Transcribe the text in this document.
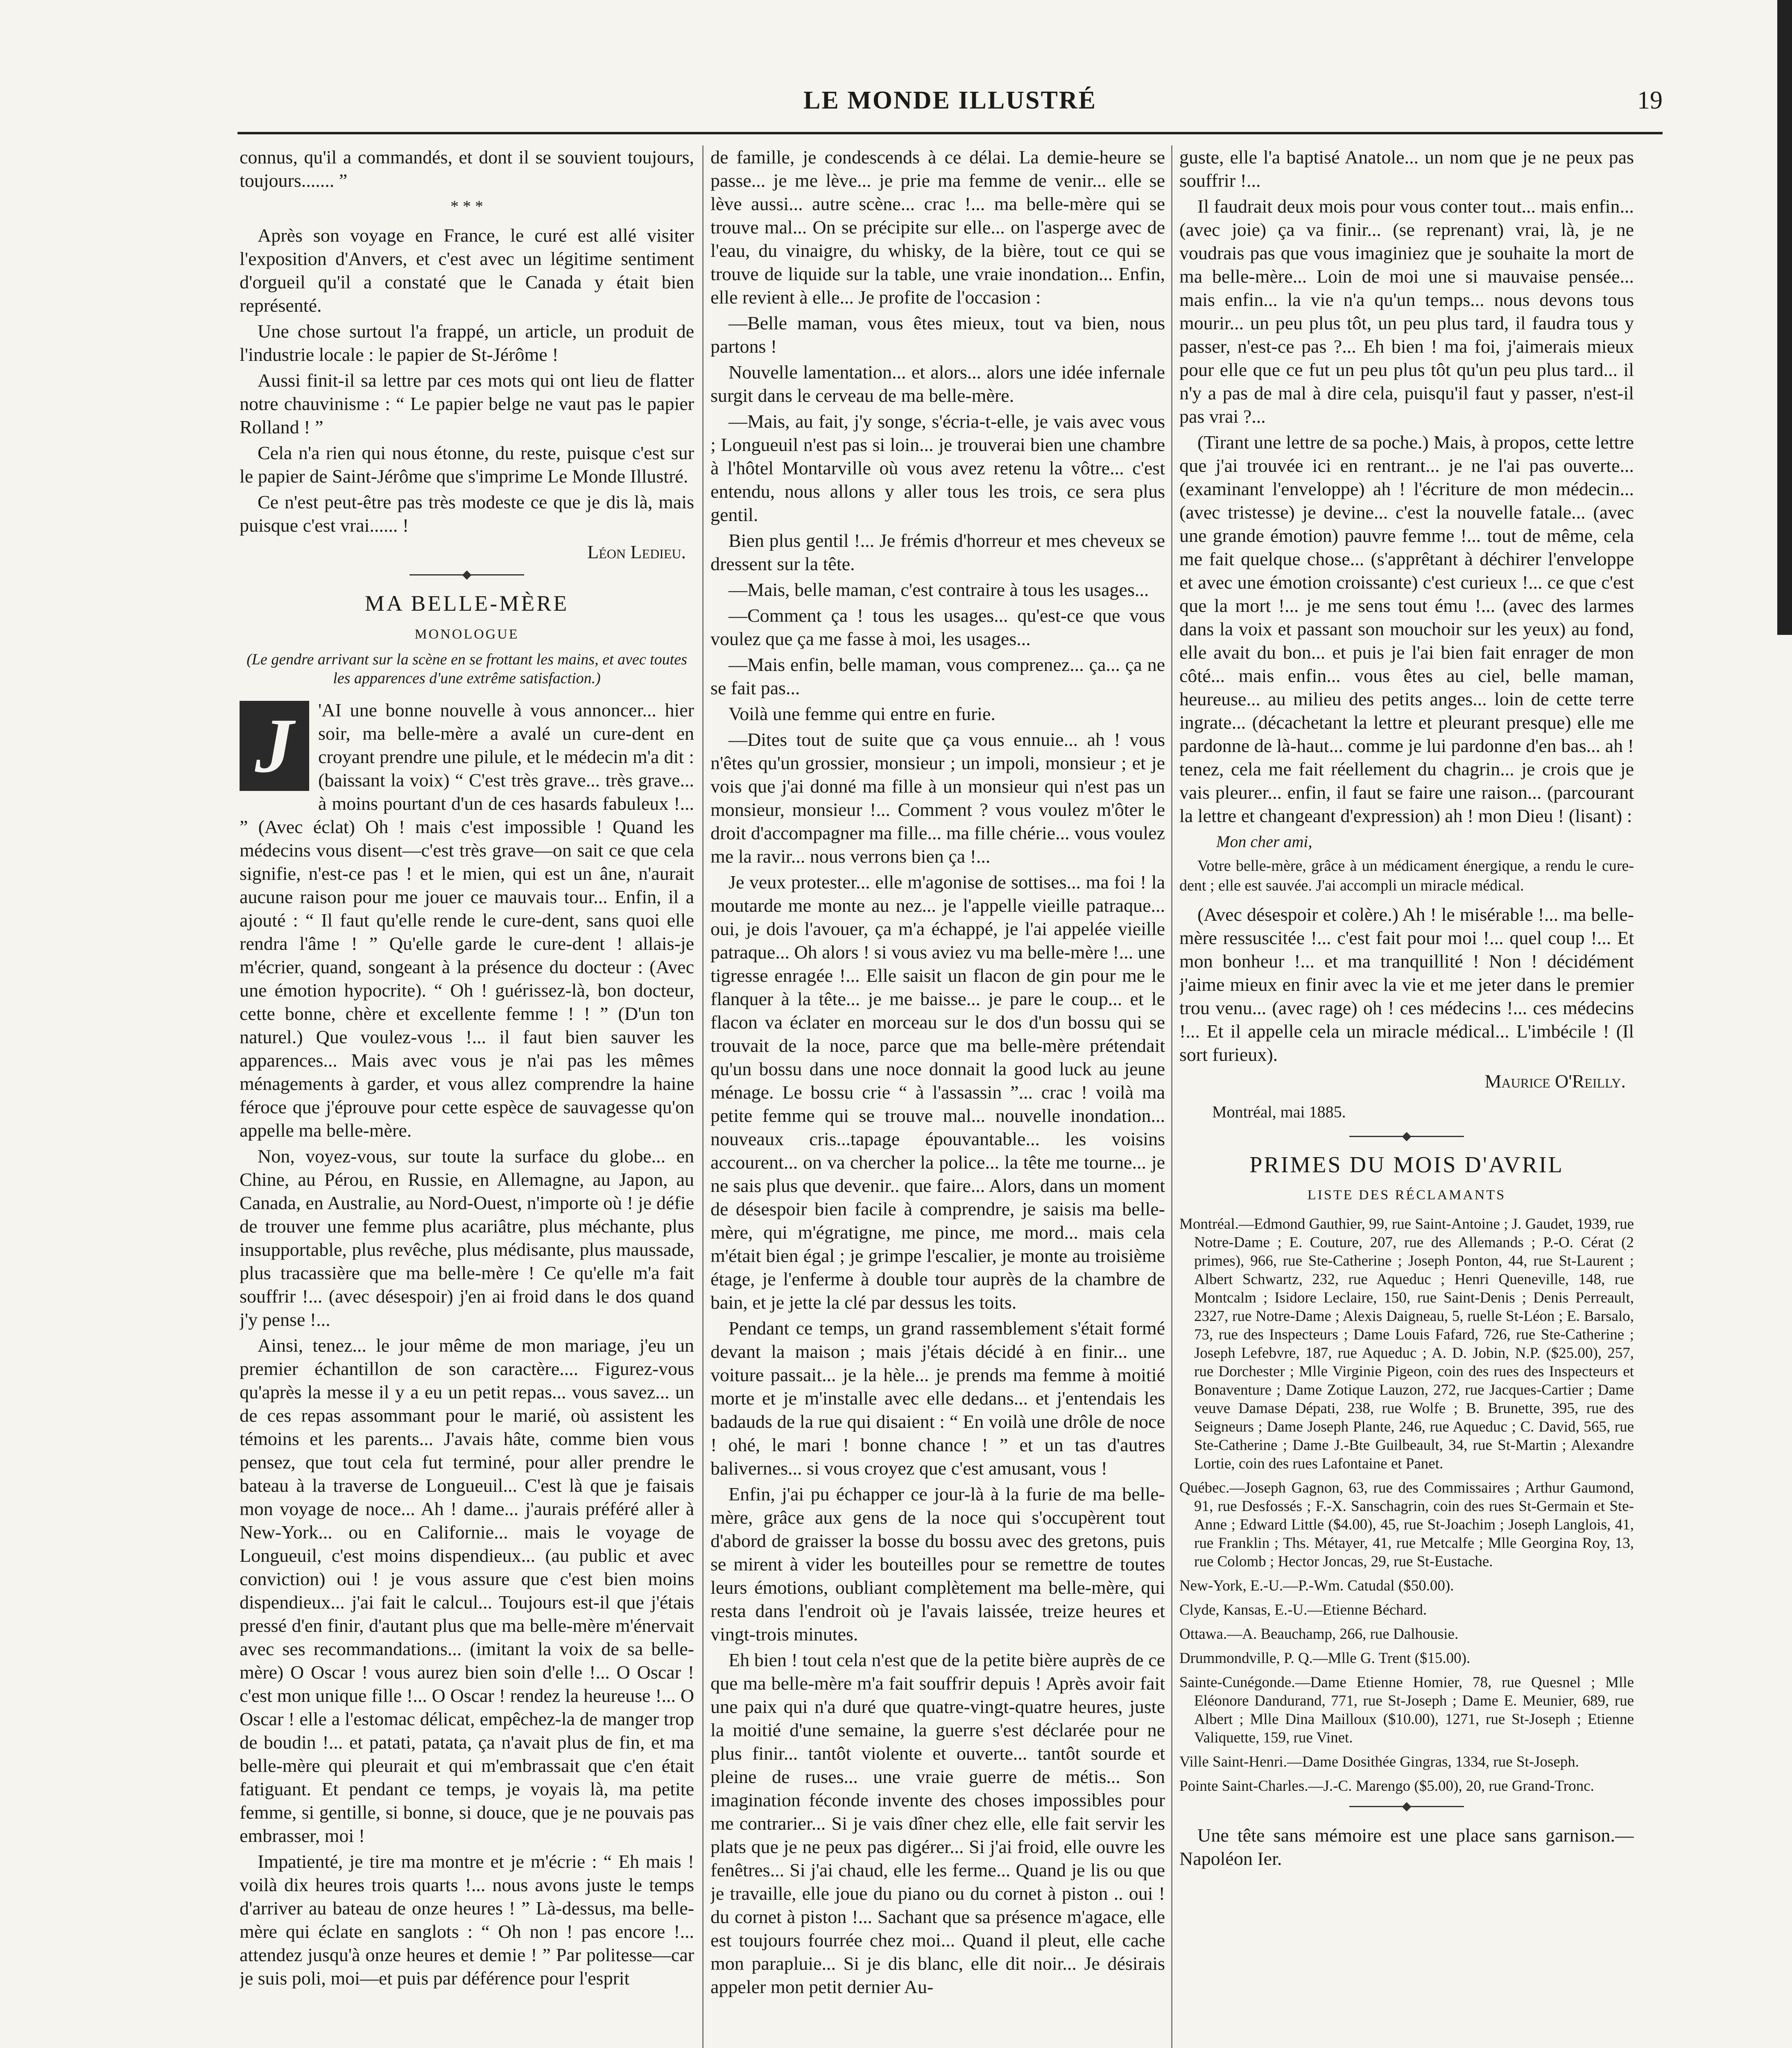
LE MONDE ILLUSTRÉ	19

connus, qu'il a commandés, et dont il se souvient toujours, toujours....... ”

* * *

Après son voyage en France, le curé est allé visiter l'exposition d'Anvers, et c'est avec un légitime sentiment d'orgueil qu'il a constaté que le Canada y était bien représenté.

Une chose surtout l'a frappé, un article, un produit de l'industrie locale : le papier de St-Jérôme !

Aussi finit-il sa lettre par ces mots qui ont lieu de flatter notre chauvinisme : “ Le papier belge ne vaut pas le papier Rolland ! ”

Cela n'a rien qui nous étonne, du reste, puisque c'est sur le papier de Saint-Jérôme que s'imprime Le Monde Illustré.

Ce n'est peut-être pas très modeste ce que je dis là, mais puisque c'est vrai...... !

Léon Ledieu.
MA BELLE-MÈRE
MONOLOGUE
(Le gendre arrivant sur la scène en se frottant les mains, et avec toutes les apparences d'une extrême satisfaction.)
J	'AI une bonne nouvelle à vous annoncer... hier soir, ma belle-mère a avalé un cure-dent en croyant prendre une pilule, et le médecin m'a dit : (baissant la voix) “ C'est très grave... très grave... à moins pourtant d'un de ces hasards fabuleux !... ” (Avec éclat) Oh ! mais c'est impossible ! Quand les médecins vous disent—c'est très grave—on sait ce que cela signifie, n'est-ce pas ! et le mien, qui est un âne, n'aurait aucune raison pour me jouer ce mauvais tour... Enfin, il a ajouté : “ Il faut qu'elle rende le cure-dent, sans quoi elle rendra l'âme ! ” Qu'elle garde le cure-dent ! allais-je m'écrier, quand, songeant à la présence du docteur : (Avec une émotion hypocrite). “ Oh ! guérissez-là, bon docteur, cette bonne, chère et excellente femme ! ! ” (D'un ton naturel.) Que voulez-vous !... il faut bien sauver les apparences... Mais avec vous je n'ai pas les mêmes ménagements à garder, et vous allez comprendre la haine féroce que j'éprouve pour cette espèce de sauvagesse qu'on appelle ma belle-mère.

Non, voyez-vous, sur toute la surface du globe... en Chine, au Pérou, en Russie, en Allemagne, au Japon, au Canada, en Australie, au Nord-Ouest, n'importe où ! je défie de trouver une femme plus acariâtre, plus méchante, plus insupportable, plus revêche, plus médisante, plus maussade, plus tracassière que ma belle-mère ! Ce qu'elle m'a fait souffrir !... (avec désespoir) j'en ai froid dans le dos quand j'y pense !...

Ainsi, tenez... le jour même de mon mariage, j'eu un premier échantillon de son caractère.... Figurez-vous qu'après la messe il y a eu un petit repas... vous savez... un de ces repas assommant pour le marié, où assistent les témoins et les parents... J'avais hâte, comme bien vous pensez, que tout cela fut terminé, pour aller prendre le bateau à la traverse de Longueuil... C'est là que je faisais mon voyage de noce... Ah ! dame... j'aurais préféré aller à New-York... ou en Californie... mais le voyage de Longueuil, c'est moins dispendieux... (au public et avec conviction) oui ! je vous assure que c'est bien moins dispendieux... j'ai fait le calcul... Toujours est-il que j'étais pressé d'en finir, d'autant plus que ma belle-mère m'énervait avec ses recommandations... (imitant la voix de sa belle-mère) O Oscar ! vous aurez bien soin d'elle !... O Oscar ! c'est mon unique fille !... O Oscar ! rendez la heureuse !... O Oscar ! elle a l'estomac délicat, empêchez-la de manger trop de boudin !... et patati, patata, ça n'avait plus de fin, et ma belle-mère qui pleurait et qui m'embrassait que c'en était fatiguant. Et pendant ce temps, je voyais là, ma petite femme, si gentille, si bonne, si douce, que je ne pouvais pas embrasser, moi !

Impatienté, je tire ma montre et je m'écrie : “ Eh mais ! voilà dix heures trois quarts !... nous avons juste le temps d'arriver au bateau de onze heures ! ” Là-dessus, ma belle-mère qui éclate en sanglots : “ Oh non ! pas encore !... attendez jusqu'à onze heures et demie ! ” Par politesse—car je suis poli, moi—et puis par déférence pour l'esprit

de famille, je condescends à ce délai. La demie-heure se passe... je me lève... je prie ma femme de venir... elle se lève aussi... autre scène... crac !... ma belle-mère qui se trouve mal... On se précipite sur elle... on l'asperge avec de l'eau, du vinaigre, du whisky, de la bière, tout ce qui se trouve de liquide sur la table, une vraie inondation... Enfin, elle revient à elle... Je profite de l'occasion :

—Belle maman, vous êtes mieux, tout va bien, nous partons !

Nouvelle lamentation... et alors... alors une idée infernale surgit dans le cerveau de ma belle-mère.

—Mais, au fait, j'y songe, s'écria-t-elle, je vais avec vous ; Longueuil n'est pas si loin... je trouverai bien une chambre à l'hôtel Montarville où vous avez retenu la vôtre... c'est entendu, nous allons y aller tous les trois, ce sera plus gentil.

Bien plus gentil !... Je frémis d'horreur et mes cheveux se dressent sur la tête.

—Mais, belle maman, c'est contraire à tous les usages...

—Comment ça ! tous les usages... qu'est-ce que vous voulez que ça me fasse à moi, les usages...

—Mais enfin, belle maman, vous comprenez... ça... ça ne se fait pas...

Voilà une femme qui entre en furie.

—Dites tout de suite que ça vous ennuie... ah ! vous n'êtes qu'un grossier, monsieur ; un impoli, monsieur ; et je vois que j'ai donné ma fille à un monsieur qui n'est pas un monsieur, monsieur !... Comment ? vous voulez m'ôter le droit d'accompagner ma fille... ma fille chérie... vous voulez me la ravir... nous verrons bien ça !...

Je veux protester... elle m'agonise de sottises... ma foi ! la moutarde me monte au nez... je l'appelle vieille patraque... oui, je dois l'avouer, ça m'a échappé, je l'ai appelée vieille patraque... Oh alors ! si vous aviez vu ma belle-mère !... une tigresse enragée !... Elle saisit un flacon de gin pour me le flanquer à la tête... je me baisse... je pare le coup... et le flacon va éclater en morceau sur le dos d'un bossu qui se trouvait de la noce, parce que ma belle-mère prétendait qu'un bossu dans une noce donnait la good luck au jeune ménage. Le bossu crie “ à l'assassin ”... crac ! voilà ma petite femme qui se trouve mal... nouvelle inondation... nouveaux cris...tapage épouvantable... les voisins accourent... on va chercher la police... la tête me tourne... je ne sais plus que devenir.. que faire... Alors, dans un moment de désespoir bien facile à comprendre, je saisis ma belle-mère, qui m'égratigne, me pince, me mord... mais cela m'était bien égal ; je grimpe l'escalier, je monte au troisième étage, je l'enferme à double tour auprès de la chambre de bain, et je jette la clé par dessus les toits.

Pendant ce temps, un grand rassemblement s'était formé devant la maison ; mais j'étais décidé à en finir... une voiture passait... je la hèle... je prends ma femme à moitié morte et je m'installe avec elle dedans... et j'entendais les badauds de la rue qui disaient : “ En voilà une drôle de noce ! ohé, le mari ! bonne chance ! ” et un tas d'autres balivernes... si vous croyez que c'est amusant, vous !

Enfin, j'ai pu échapper ce jour-là à la furie de ma belle-mère, grâce aux gens de la noce qui s'occupèrent tout d'abord de graisser la bosse du bossu avec des gretons, puis se mirent à vider les bouteilles pour se remettre de toutes leurs émotions, oubliant complètement ma belle-mère, qui resta dans l'endroit où je l'avais laissée, treize heures et vingt-trois minutes.

Eh bien ! tout cela n'est que de la petite bière auprès de ce que ma belle-mère m'a fait souffrir depuis ! Après avoir fait une paix qui n'a duré que quatre-vingt-quatre heures, juste la moitié d'une semaine, la guerre s'est déclarée pour ne plus finir... tantôt violente et ouverte... tantôt sourde et pleine de ruses... une vraie guerre de métis... Son imagination féconde invente des choses impossibles pour me contrarier... Si je vais dîner chez elle, elle fait servir les plats que je ne peux pas digérer... Si j'ai froid, elle ouvre les fenêtres... Si j'ai chaud, elle les ferme... Quand je lis ou que je travaille, elle joue du piano ou du cornet à piston .. oui ! du cornet à piston !... Sachant que sa présence m'agace, elle est toujours fourrée chez moi... Quand il pleut, elle cache mon parapluie... Si je dis blanc, elle dit noir... Je désirais appeler mon petit dernier Au-

guste, elle l'a baptisé Anatole... un nom que je ne peux pas souffrir !...

Il faudrait deux mois pour vous conter tout... mais enfin... (avec joie) ça va finir... (se reprenant) vrai, là, je ne voudrais pas que vous imaginiez que je souhaite la mort de ma belle-mère... Loin de moi une si mauvaise pensée... mais enfin... la vie n'a qu'un temps... nous devons tous mourir... un peu plus tôt, un peu plus tard, il faudra tous y passer, n'est-ce pas ?... Eh bien ! ma foi, j'aimerais mieux pour elle que ce fut un peu plus tôt qu'un peu plus tard... il n'y a pas de mal à dire cela, puisqu'il faut y passer, n'est-il pas vrai ?...

(Tirant une lettre de sa poche.) Mais, à propos, cette lettre que j'ai trouvée ici en rentrant... je ne l'ai pas ouverte... (examinant l'enveloppe) ah ! l'écriture de mon médecin... (avec tristesse) je devine... c'est la nouvelle fatale... (avec une grande émotion) pauvre femme !... tout de même, cela me fait quelque chose... (s'apprêtant à déchirer l'enveloppe et avec une émotion croissante) c'est curieux !... ce que c'est que la mort !... je me sens tout ému !... (avec des larmes dans la voix et passant son mouchoir sur les yeux) au fond, elle avait du bon... et puis je l'ai bien fait enrager de mon côté... mais enfin... vous êtes au ciel, belle maman, heureuse... au milieu des petits anges... loin de cette terre ingrate... (décachetant la lettre et pleurant presque) elle me pardonne de là-haut... comme je lui pardonne d'en bas... ah ! tenez, cela me fait réellement du chagrin... je crois que je vais pleurer... enfin, il faut se faire une raison... (parcourant la lettre et changeant d'expression) ah ! mon Dieu ! (lisant) :

Mon cher ami,
Votre belle-mère, grâce à un médicament énergique, a rendu le cure-dent ; elle est sauvée. J'ai accompli un miracle médical.

(Avec désespoir et colère.) Ah ! le misérable !... ma belle-mère ressuscitée !... c'est fait pour moi !... quel coup !... Et mon bonheur !... et ma tranquillité ! Non ! décidément j'aime mieux en finir avec la vie et me jeter dans le premier trou venu... (avec rage) oh ! ces médecins !... ces médecins !... Et il appelle cela un miracle médical... L'imbécile ! (Il sort furieux).

Maurice O'Reilly.
Montréal, mai 1885.
PRIMES DU MOIS D'AVRIL
LISTE DES RÉCLAMANTS
Montréal.—Edmond Gauthier, 99, rue Saint-Antoine ; J. Gaudet, 1939, rue Notre-Dame ; E. Couture, 207, rue des Allemands ; P.-O. Cérat (2 primes), 966, rue Ste-Catherine ; Joseph Ponton, 44, rue St-Laurent ; Albert Schwartz, 232, rue Aqueduc ; Henri Queneville, 148, rue Montcalm ; Isidore Leclaire, 150, rue Saint-Denis ; Denis Perreault, 2327, rue Notre-Dame ; Alexis Daigneau, 5, ruelle St-Léon ; E. Barsalo, 73, rue des Inspecteurs ; Dame Louis Fafard, 726, rue Ste-Catherine ; Joseph Lefebvre, 187, rue Aqueduc ; A. D. Jobin, N.P. ($25.00), 257, rue Dorchester ; Mlle Virginie Pigeon, coin des rues des Inspecteurs et Bonaventure ; Dame Zotique Lauzon, 272, rue Jacques-Cartier ; Dame veuve Damase Dépati, 238, rue Wolfe ; B. Brunette, 395, rue des Seigneurs ; Dame Joseph Plante, 246, rue Aqueduc ; C. David, 565, rue Ste-Catherine ; Dame J.-Bte Guilbeault, 34, rue St-Martin ; Alexandre Lortie, coin des rues Lafontaine et Panet.
Québec.—Joseph Gagnon, 63, rue des Commissaires ; Arthur Gaumond, 91, rue Desfossés ; F.-X. Sanschagrin, coin des rues St-Germain et Ste-Anne ; Edward Little ($4.00), 45, rue St-Joachim ; Joseph Langlois, 41, rue Franklin ; Ths. Métayer, 41, rue Metcalfe ; Mlle Georgina Roy, 13, rue Colomb ; Hector Joncas, 29, rue St-Eustache.
New-York, E.-U.—P.-Wm. Catudal ($50.00).
Clyde, Kansas, E.-U.—Etienne Béchard.
Ottawa.—A. Beauchamp, 266, rue Dalhousie.
Drummondville, P. Q.—Mlle G. Trent ($15.00).
Sainte-Cunégonde.—Dame Etienne Homier, 78, rue Quesnel ; Mlle Eléonore Dandurand, 771, rue St-Joseph ; Dame E. Meunier, 689, rue Albert ; Mlle Dina Mailloux ($10.00), 1271, rue St-Joseph ; Etienne Valiquette, 159, rue Vinet.
Ville Saint-Henri.—Dame Dosithée Gingras, 1334, rue St-Joseph.
Pointe Saint-Charles.—J.-C. Marengo ($5.00), 20, rue Grand-Tronc.

Une tête sans mémoire est une place sans garnison.—Napoléon Ier.
